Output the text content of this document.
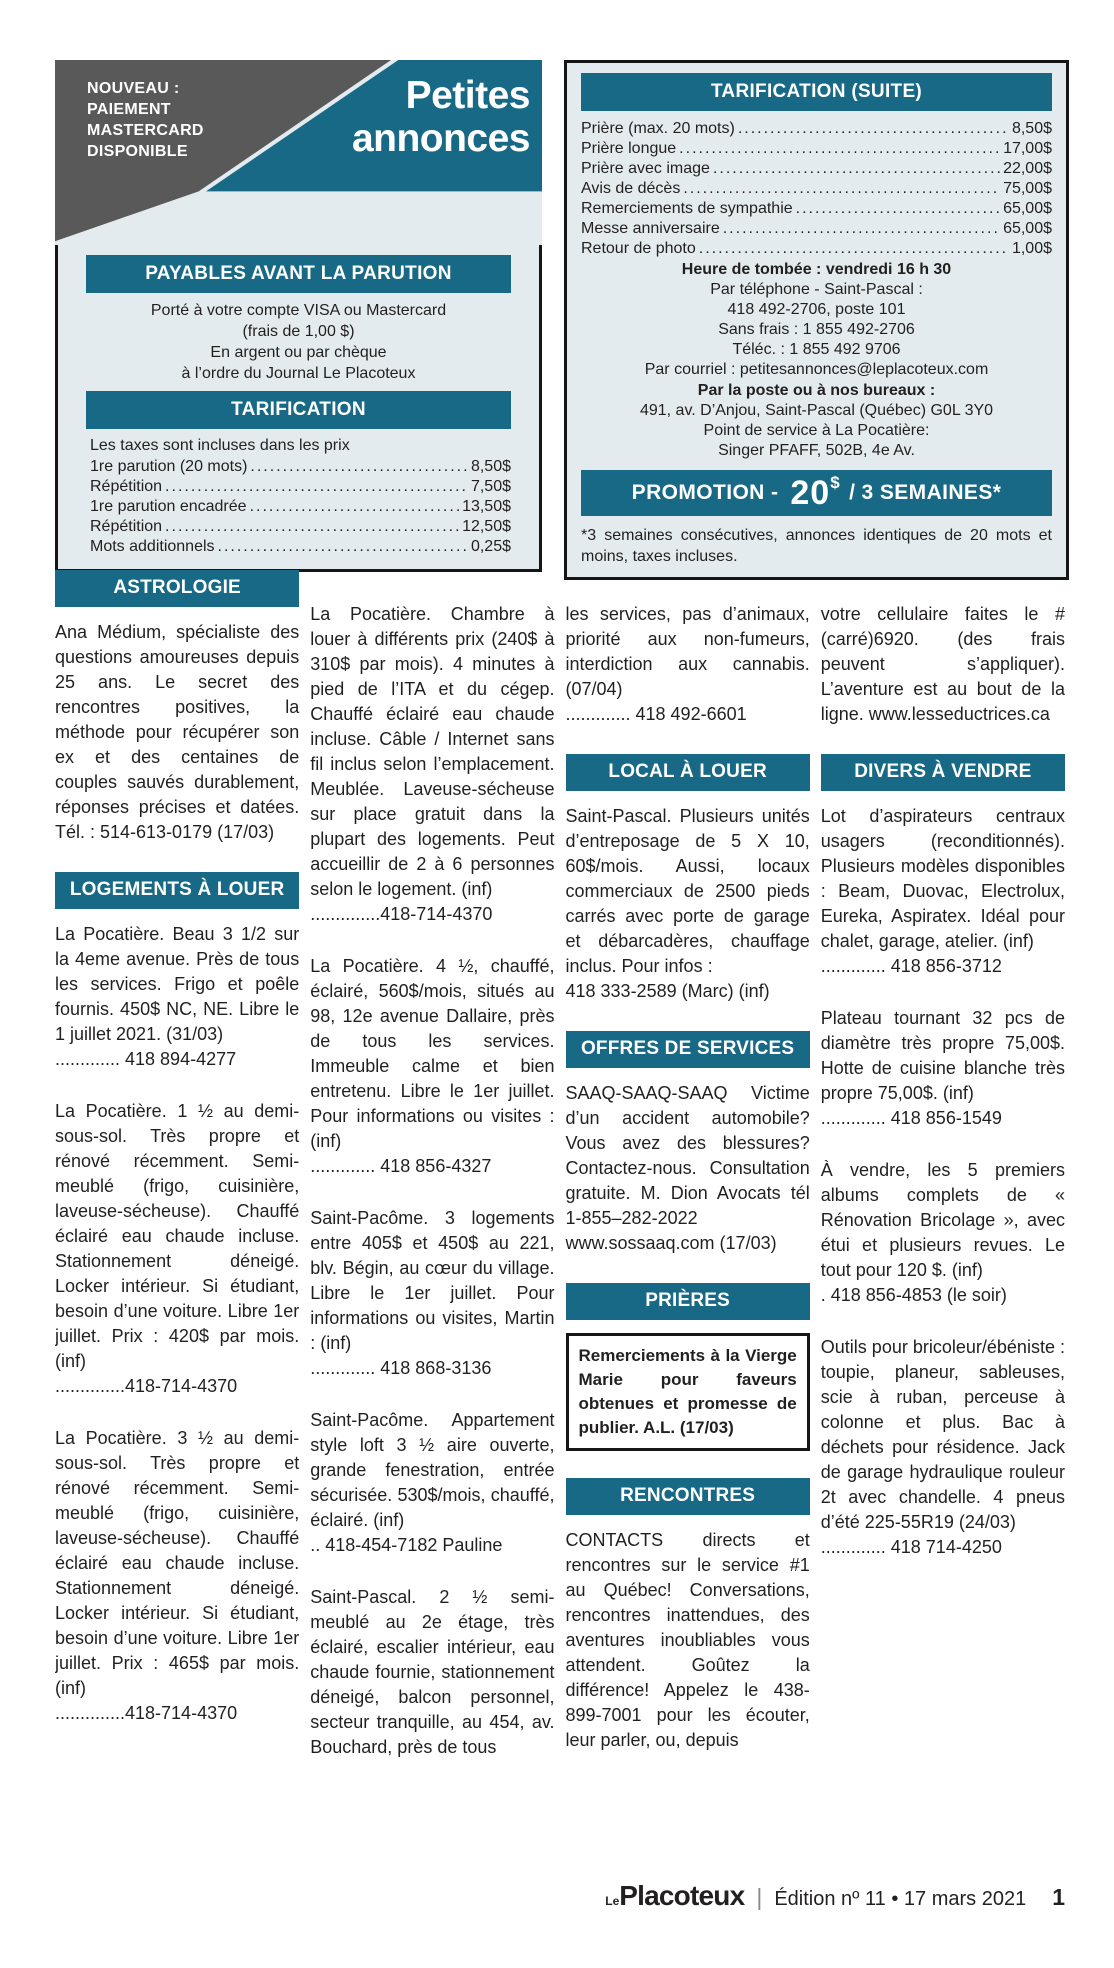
NOUVEAU :
PAIEMENT
MASTERCARD
DISPONIBLE
Petites
annonces
PAYABLES AVANT LA PARUTION

Porté à votre compte VISA ou Mastercard

(frais de 1,00 $)

En argent ou par chèque

à l’ordre du Journal Le Placoteux

TARIFICATION
Les taxes sont incluses dans les prix
1re parution (20 mots) .....	8,50$
Répétition .....	7,50$
1re parution encadrée .....	13,50$
Répétition .....	12,50$
Mots additionnels .....	0,25$
TARIFICATION (SUITE)
Prière (max. 20 mots) .....	8,50$
Prière longue .....	17,00$
Prière avec image .....	22,00$
Avis de décès .....	75,00$
Remerciements de sympathie .....	65,00$
Messe anniversaire .....	65,00$
Retour de photo .....	1,00$
Heure de tombée : vendredi 16 h 30

Par téléphone - Saint-Pascal :

418 492-2706, poste 101

Sans frais : 1 855 492-2706

Téléc. : 1 855 492 9706

Par courriel : petitesannonces@leplacoteux.com

Par la poste ou à nos bureaux :

491, av. D’Anjou, Saint-Pascal (Québec) G0L 3Y0

Point de service à La Pocatière:

Singer PFAFF, 502B, 4e Av.

PROMOTION - 20 $ / 3 SEMAINES*
*3 semaines consécutives, annonces identiques de 20 mots et moins, taxes incluses.
ASTROLOGIE

Ana Médium, spécialiste des questions amoureuses depuis 25 ans. Le secret des rencontres positives, la méthode pour récupérer son ex et des centaines de couples sauvés durablement, réponses précises et datées. Tél. : 514-613-0179 (17/03)

LOGEMENTS À LOUER

La Pocatière. Beau 3 1/2 sur la 4eme avenue. Près de tous les services. Frigo et poêle fournis. 450$ NC, NE. Libre le 1 juillet 2021. (31/03)

............. 418 894-4277

La Pocatière. 1 ½ au demi-sous-sol. Très propre et rénové récemment. Semi-meublé (frigo, cuisinière, laveuse-sécheuse). Chauffé éclairé eau chaude incluse. Stationnement déneigé. Locker intérieur. Si étudiant, besoin d’une voiture. Libre 1er juillet. Prix : 420$ par mois. (inf)

..............418-714-4370

La Pocatière. 3 ½ au demi-sous-sol. Très propre et rénové récemment. Semi-meublé (frigo, cuisinière, laveuse-sécheuse). Chauffé éclairé eau chaude incluse. Stationnement déneigé. Locker intérieur. Si étudiant, besoin d’une voiture. Libre 1er juillet. Prix : 465$ par mois. (inf)

..............418-714-4370

La Pocatière. Chambre à louer à différents prix (240$ à 310$ par mois). 4 minutes à pied de l’ITA et du cégep. Chauffé éclairé eau chaude incluse. Câble / Internet sans fil inclus selon l’emplacement. Meublée. Laveuse-sécheuse sur place gratuit dans la plupart des logements. Peut accueillir de 2 à 6 personnes selon le logement. (inf)

..............418-714-4370

La Pocatière. 4 ½, chauffé, éclairé, 560$/mois, situés au 98, 12e avenue Dallaire, près de tous les services. Immeuble calme et bien entretenu. Libre le 1er juillet. Pour informations ou visites : (inf)

............. 418 856-4327

Saint-Pacôme. 3 logements entre 405$ et 450$ au 221, blv. Bégin, au cœur du village. Libre le 1er juillet. Pour informations ou visites, Martin : (inf)

............. 418 868-3136

Saint-Pacôme. Appartement style loft 3 ½ aire ouverte, grande fenestration, entrée sécurisée. 530$/mois, chauffé, éclairé. (inf)

.. 418-454-7182 Pauline

Saint-Pascal. 2 ½ semi-meublé au 2e étage, très éclairé, escalier intérieur, eau chaude fournie, stationnement déneigé, balcon personnel, secteur tranquille, au 454, av. Bouchard, près de tous

les services, pas d’animaux, priorité aux non-fumeurs, interdiction aux cannabis. (07/04)

............. 418 492-6601

LOCAL À LOUER

Saint-Pascal. Plusieurs unités d’entreposage de 5 X 10, 60$/mois. Aussi, locaux commerciaux de 2500 pieds carrés avec porte de garage et débarcadères, chauffage inclus. Pour infos :

418 333-2589 (Marc) (inf)

OFFRES DE SERVICES

SAAQ-SAAQ-SAAQ Victime d’un accident automobile? Vous avez des blessures? Contactez-nous. Consultation gratuite. M. Dion Avocats tél 1-855–282-2022 www.sossaaq.com (17/03)

PRIÈRES

Remerciements à la Vierge Marie pour faveurs obtenues et promesse de publier. A.L. (17/03)

RENCONTRES

CONTACTS directs et rencontres sur le service #1 au Québec! Conversations, rencontres inattendues, des aventures inoubliables vous attendent. Goûtez la différence! Appelez le 438-899-7001 pour les écouter, leur parler, ou, depuis

votre cellulaire faites le #(carré)6920. (des frais peuvent s’appliquer). L’aventure est au bout de la ligne. www.lesseductrices.ca

DIVERS À VENDRE

Lot d’aspirateurs centraux usagers (reconditionnés). Plusieurs modèles disponibles : Beam, Duovac, Electrolux, Eureka, Aspiratex. Idéal pour chalet, garage, atelier. (inf)

............. 418 856-3712

Plateau tournant 32 pcs de diamètre très propre 75,00$. Hotte de cuisine blanche très propre 75,00$. (inf)

............. 418 856-1549

À vendre, les 5 premiers albums complets de « Rénovation Bricolage », avec étui et plusieurs revues. Le tout pour 120 $. (inf)

. 418 856-4853 (le soir)

Outils pour bricoleur/ébéniste : toupie, planeur, sableuses, scie à ruban, perceuse à colonne et plus. Bac à déchets pour résidence. Jack de garage hydraulique rouleur 2t avec chandelle. 4 pneus d’été 225-55R19 (24/03)

............. 418 714-4250

Le Placoteux | Édition nº 11 • 17 mars 2021 1
